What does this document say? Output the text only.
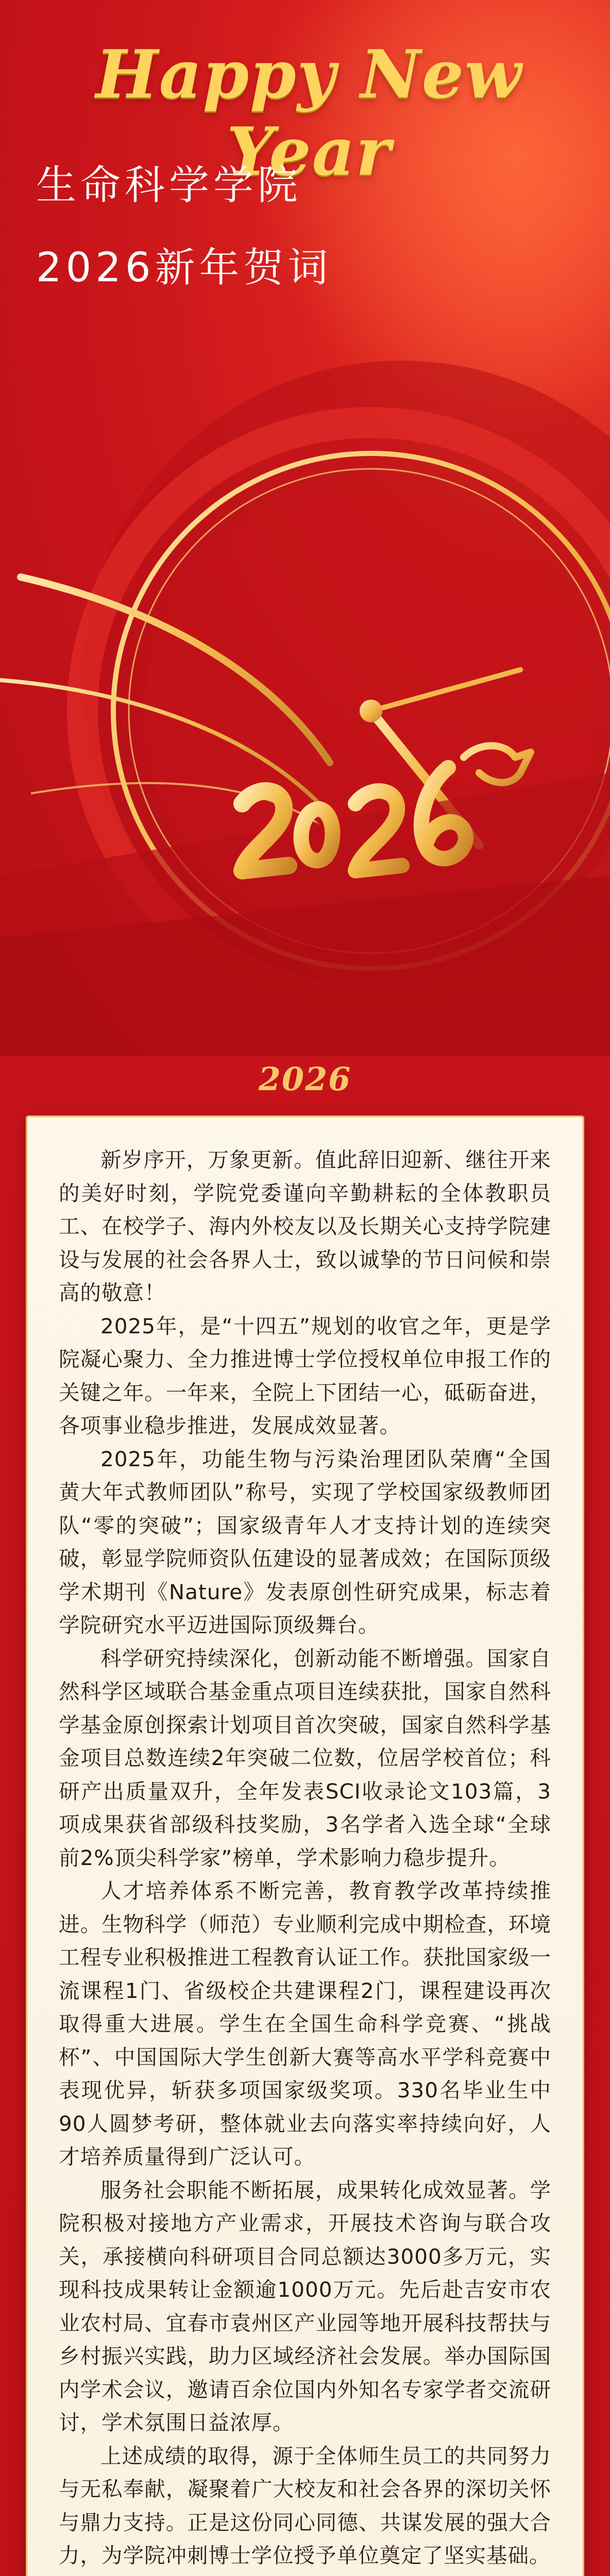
Happy New Year
生命科学学院
2026新年贺词
2026

新岁序开，万象更新。值此辞旧迎新、继往开来的美好时刻，学院党委谨向辛勤耕耘的全体教职员工、在校学子、海内外校友以及长期关心支持学院建设与发展的社会各界人士，致以诚挚的节日问候和崇高的敬意！

2025年，是“十四五”规划的收官之年，更是学院凝心聚力、全力推进博士学位授权单位申报工作的关键之年。一年来，全院上下团结一心，砥砺奋进，各项事业稳步推进，发展成效显著。

2025年，功能生物与污染治理团队荣膺“全国黄大年式教师团队”称号，实现了学校国家级教师团队“零的突破”；国家级青年人才支持计划的连续突破，彰显学院师资队伍建设的显著成效；在国际顶级学术期刊《Nature》发表原创性研究成果，标志着学院研究水平迈进国际顶级舞台。

科学研究持续深化，创新动能不断增强。国家自然科学区域联合基金重点项目连续获批，国家自然科学基金原创探索计划项目首次突破，国家自然科学基金项目总数连续2年突破二位数，位居学校首位；科研产出质量双升，全年发表SCI收录论文103篇，3项成果获省部级科技奖励，3名学者入选全球“全球前2%顶尖科学家”榜单，学术影响力稳步提升。

人才培养体系不断完善，教育教学改革持续推进。生物科学（师范）专业顺利完成中期检查，环境工程专业积极推进工程教育认证工作。获批国家级一流课程1门、省级校企共建课程2门，课程建设再次取得重大进展。学生在全国生命科学竞赛、“挑战杯”、中国国际大学生创新大赛等高水平学科竞赛中表现优异，斩获多项国家级奖项。330名毕业生中90人圆梦考研，整体就业去向落实率持续向好，人才培养质量得到广泛认可。

服务社会职能不断拓展，成果转化成效显著。学院积极对接地方产业需求，开展技术咨询与联合攻关，承接横向科研项目合同总额达3000多万元，实现科技成果转让金额逾1000万元。先后赴吉安市农业农村局、宜春市袁州区产业园等地开展科技帮扶与乡村振兴实践，助力区域经济社会发展。举办国际国内学术会议，邀请百余位国内外知名专家学者交流研讨，学术氛围日益浓厚。

上述成绩的取得，源于全体师生员工的共同努力与无私奉献，凝聚着广大校友和社会各界的深切关怀与鼎力支持。正是这份同心同德、共谋发展的强大合力，为学院冲刺博士学位授予单位奠定了坚实基础。
